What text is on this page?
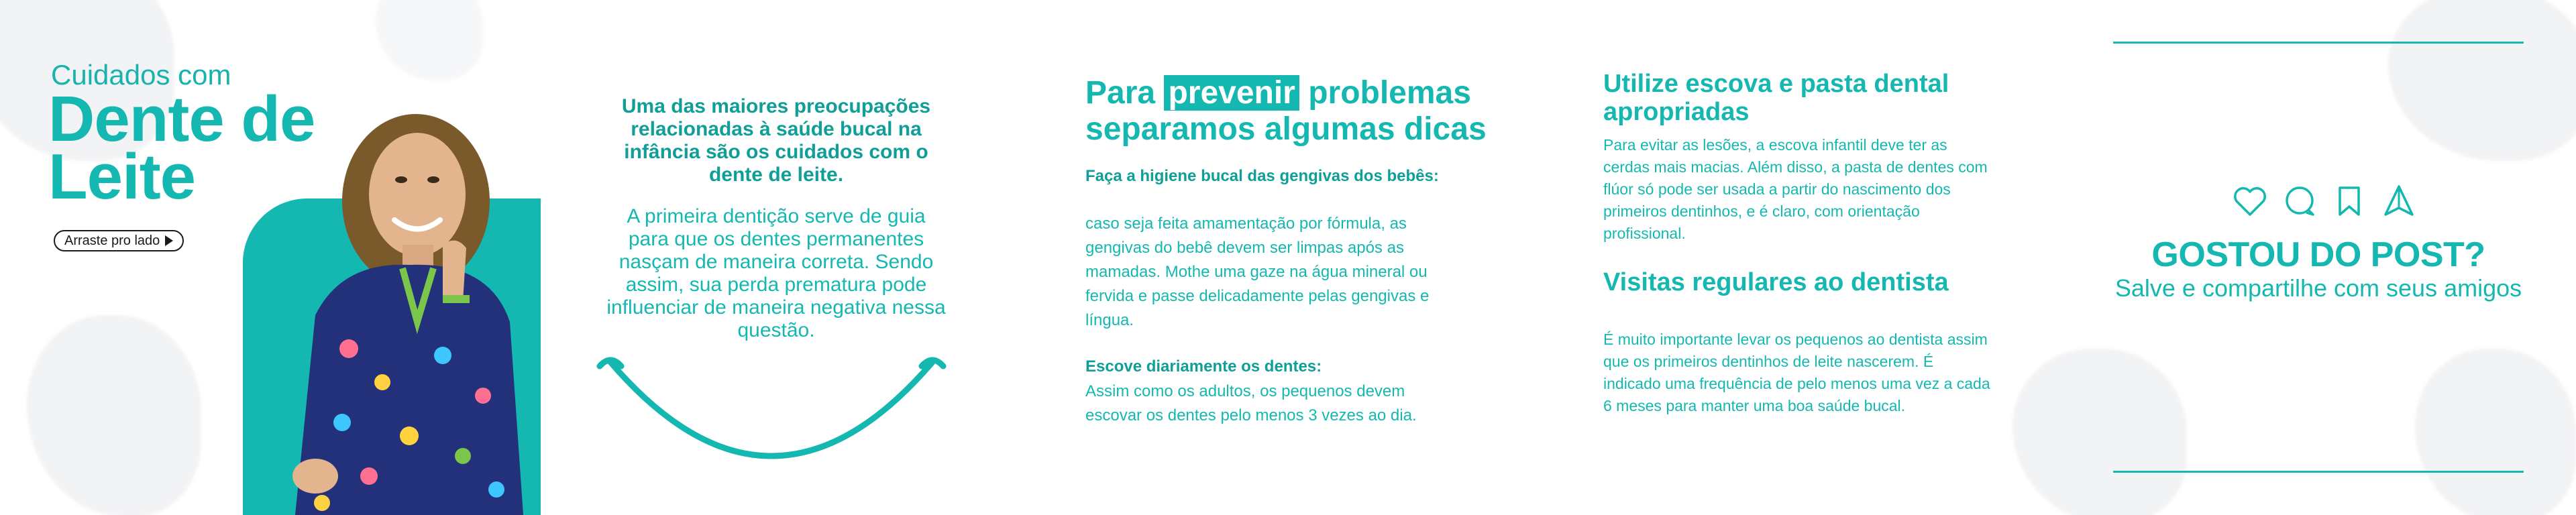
Cuidados com
Dente de
Leite
Arraste pro lado
Uma das maiores preocupações relacionadas à saúde bucal na infância são os cuidados com o dente de leite.
A primeira dentição serve de guia para que os dentes permanentes nasçam de maneira correta. Sendo assim, sua perda prematura pode influenciar de maneira negativa nessa questão.
Para prevenir problemas
separamos algumas dicas
Faça a higiene bucal das gengivas dos bebês:
caso seja feita amamentação por fórmula, as gengivas do bebê devem ser limpas após as mamadas. Mothe uma gaze na água mineral ou fervida e passe delicadamente pelas gengivas e língua.
Escove diariamente os dentes:
Assim como os adultos, os pequenos devem escovar os dentes pelo menos 3 vezes ao dia.
Utilize escova e pasta dental apropriadas
Para evitar as lesões, a escova infantil deve ter as cerdas mais macias. Além disso, a pasta de dentes com flúor só pode ser usada a partir do nascimento dos primeiros dentinhos, e é claro, com orientação profissional.
Visitas regulares ao dentista
É muito importante levar os pequenos ao dentista assim que os primeiros dentinhos de leite nascerem. É indicado uma frequência de pelo menos uma vez a cada 6 meses para manter uma boa saúde bucal.
GOSTOU DO POST?
Salve e compartilhe com seus amigos
